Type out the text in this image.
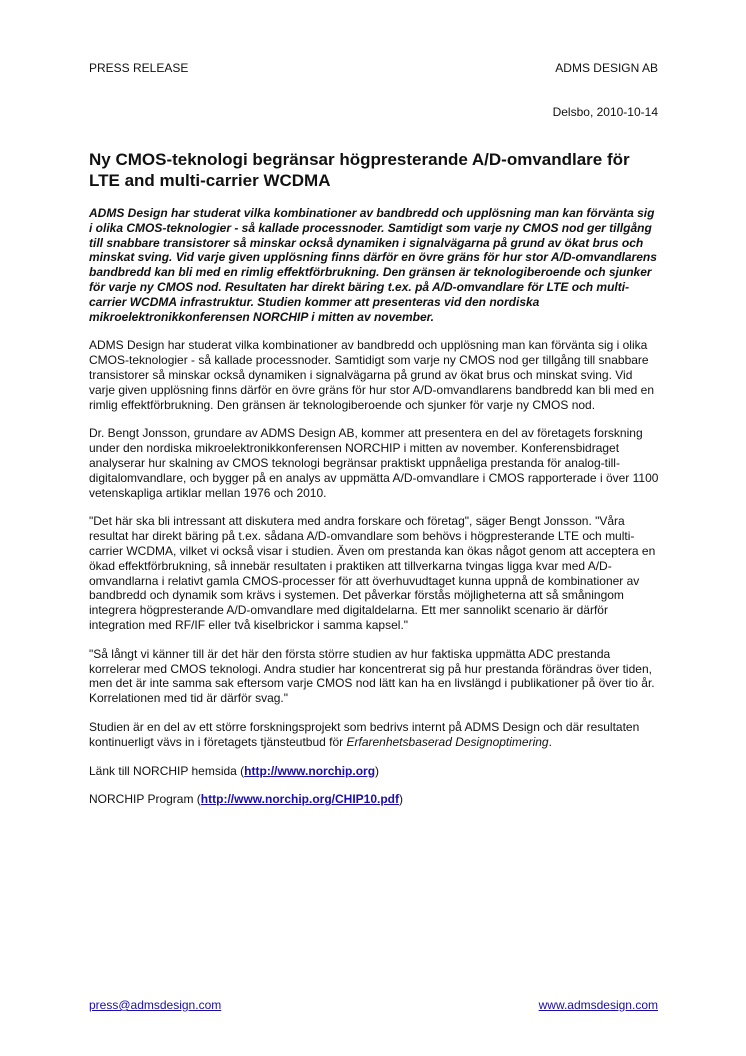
PRESS RELEASE	ADMS DESIGN AB
Delsbo, 2010-10-14
Ny CMOS-teknologi begränsar högpresterande A/D-omvandlare för LTE and multi-carrier WCDMA

ADMS Design har studerat vilka kombinationer av bandbredd och upplösning man kan förvänta sig i olika CMOS-teknologier - så kallade processnoder. Samtidigt som varje ny CMOS nod ger tillgång till snabbare transistorer så minskar också dynamiken i signalvägarna på grund av ökat brus och minskat sving. Vid varje given upplösning finns därför en övre gräns för hur stor A/D-omvandlarens bandbredd kan bli med en rimlig effektförbrukning. Den gränsen är teknologiberoende och sjunker för varje ny CMOS nod. Resultaten har direkt bäring t.ex. på A/D-omvandlare för LTE och multi-carrier WCDMA infrastruktur. Studien kommer att presenteras vid den nordiska mikroelektronikkonferensen NORCHIP i mitten av november.

ADMS Design har studerat vilka kombinationer av bandbredd och upplösning man kan förvänta sig i olika CMOS-teknologier - så kallade processnoder. Samtidigt som varje ny CMOS nod ger tillgång till snabbare transistorer så minskar också dynamiken i signalvägarna på grund av ökat brus och minskat sving. Vid varje given upplösning finns därför en övre gräns för hur stor A/D-omvandlarens bandbredd kan bli med en rimlig effektförbrukning. Den gränsen är teknologiberoende och sjunker för varje ny CMOS nod.

Dr. Bengt Jonsson, grundare av ADMS Design AB, kommer att presentera en del av företagets forskning under den nordiska mikroelektronikkonferensen NORCHIP i mitten av november. Konferensbidraget analyserar hur skalning av CMOS teknologi begränsar praktiskt uppnåeliga prestanda för analog-till-digitalomvandlare, och bygger på en analys av uppmätta A/D-omvandlare i CMOS rapporterade i över 1100 vetenskapliga artiklar mellan 1976 och 2010.

"Det här ska bli intressant att diskutera med andra forskare och företag", säger Bengt Jonsson. "Våra resultat har direkt bäring på t.ex. sådana A/D-omvandlare som behövs i högpresterande LTE och multi-carrier WCDMA, vilket vi också visar i studien. Även om prestanda kan ökas något genom att acceptera en ökad effektförbrukning, så innebär resultaten i praktiken att tillverkarna tvingas ligga kvar med A/D-omvandlarna i relativt gamla CMOS-processer för att överhuvudtaget kunna uppnå de kombinationer av bandbredd och dynamik som krävs i systemen. Det påverkar förstås möjligheterna att så småningom integrera högpresterande A/D-omvandlare med digitaldelarna. Ett mer sannolikt scenario är därför integration med RF/IF eller två kiselbrickor i samma kapsel."

"Så långt vi känner till är det här den första större studien av hur faktiska uppmätta ADC prestanda korrelerar med CMOS teknologi. Andra studier har koncentrerat sig på hur prestanda förändras över tiden, men det är inte samma sak eftersom varje CMOS nod lätt kan ha en livslängd i publikationer på över tio år. Korrelationen med tid är därför svag."

Studien är en del av ett större forskningsprojekt som bedrivs internt på ADMS Design och där resultaten kontinuerligt vävs in i företagets tjänsteutbud för Erfarenhetsbaserad Designoptimering.

Länk till NORCHIP hemsida (http://www.norchip.org)

NORCHIP Program (http://www.norchip.org/CHIP10.pdf)

press@admsdesign.com	www.admsdesign.com
